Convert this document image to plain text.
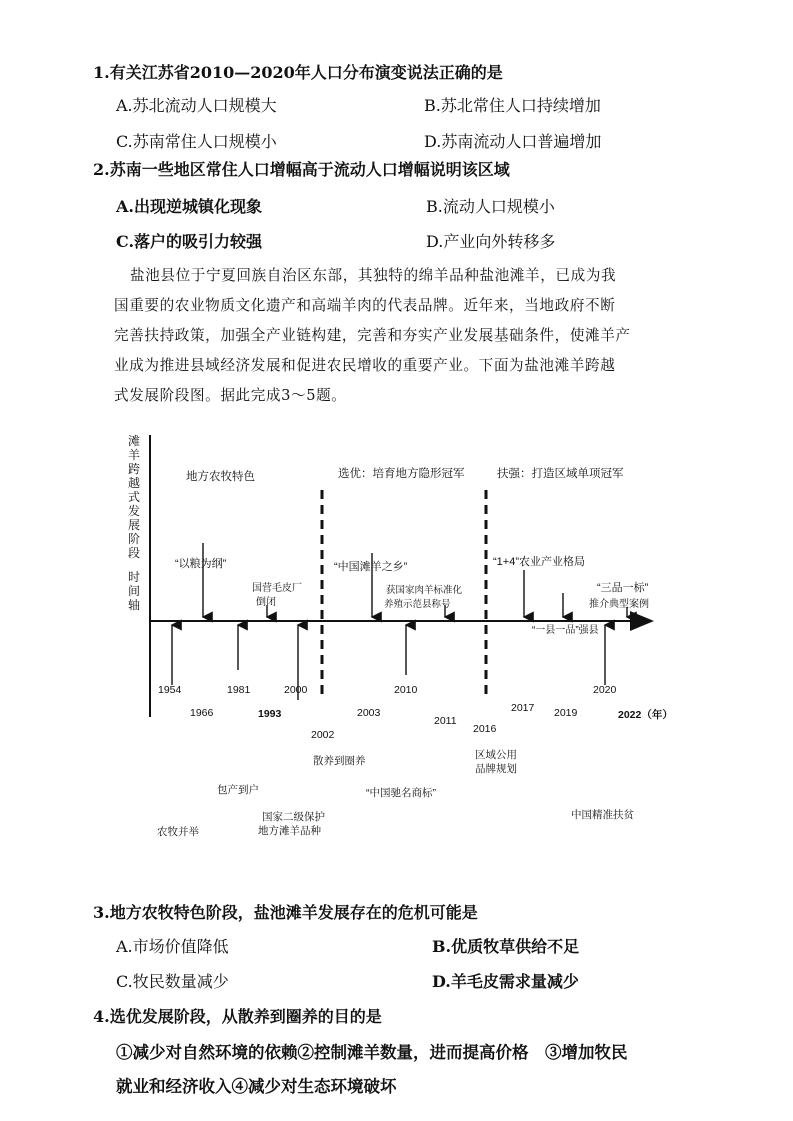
1.有关江苏省2010—2020年人口分布演变说法正确的是
A.苏北流动人口规模大	B.苏北常住人口持续增加
C.苏南常住人口规模小	D.苏南流动人口普遍增加
2.苏南一些地区常住人口增幅高于流动人口增幅说明该区域
A.出现逆城镇化现象	B.流动人口规模小
C.落户的吸引力较强	D.产业向外转移多
盐池县位于宁夏回族自治区东部，其独特的绵羊品种盐池滩羊，已成为我
国重要的农业物质文化遗产和高端羊肉的代表品牌。近年来，当地政府不断
完善扶持政策，加强全产业链构建，完善和夯实产业发展基础条件，使滩羊产
业成为推进县域经济发展和促进农民增收的重要产业。下面为盐池滩羊跨越
式发展阶段图。据此完成3～5题。
滩
羊
跨
越
式
发
展
阶
段
时
间
轴
地方农牧特色	选优：培育地方隐形冠军	扶强：打造区域单项冠军
“以粮为纲”
国营毛皮厂
倒闭
“中国滩羊之乡”
获国家肉羊标准化
养殖示范县称号
“1+4”农业产业格局
“三品一标”
推介典型案例
“一县一品”强县
1954
1966
1981
1993
2000
2002
2003
2010
2011
2016
2017 2019
2020
2022（年）
散养到圈养	区域公用
品牌规划
包产到户	“中国驰名商标”
国家二级保护
地方滩羊品种
中国精准扶贫
农牧并举
3.地方农牧特色阶段，盐池滩羊发展存在的危机可能是
A.市场价值降低	B.优质牧草供给不足
C.牧民数量减少	D.羊毛皮需求量减少
4.选优发展阶段，从散养到圈养的目的是
①减少对自然环境的依赖②控制滩羊数量，进而提高价格　③增加牧民
就业和经济收入④减少对生态环境破坏
